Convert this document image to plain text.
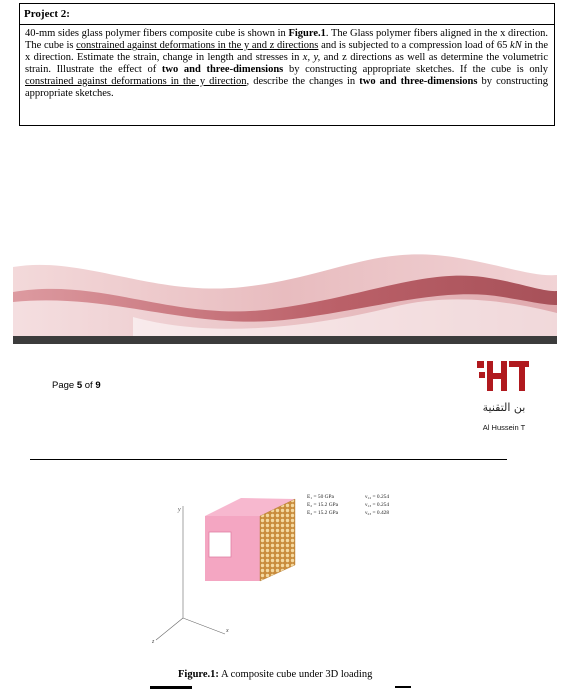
Project 2:
40-mm sides glass polymer fibers composite cube is shown in Figure.1. The Glass polymer fibers aligned in the x direction. The cube is constrained against deformations in the y and z directions and is subjected to a compression load of 65 kN in the x direction. Estimate the strain, change in length and stresses in x, y, and z directions as well as determine the volumetric strain. Illustrate the effect of two and three-dimensions by constructing appropriate sketches. If the cube is only constrained against deformations in the y direction, describe the changes in two and three-dimensions by constructing appropriate sketches.
Page 5 of 9
بن التقنية
Al Hussein T
y
z
x
E₁ = 50 GPa
E₂ = 15.2 GPa
E₃ = 15.2 GPa
ν₁₂ = 0.254
ν₁₃ = 0.254
ν₂₃ = 0.428
Figure.1: A composite cube under 3D loading
